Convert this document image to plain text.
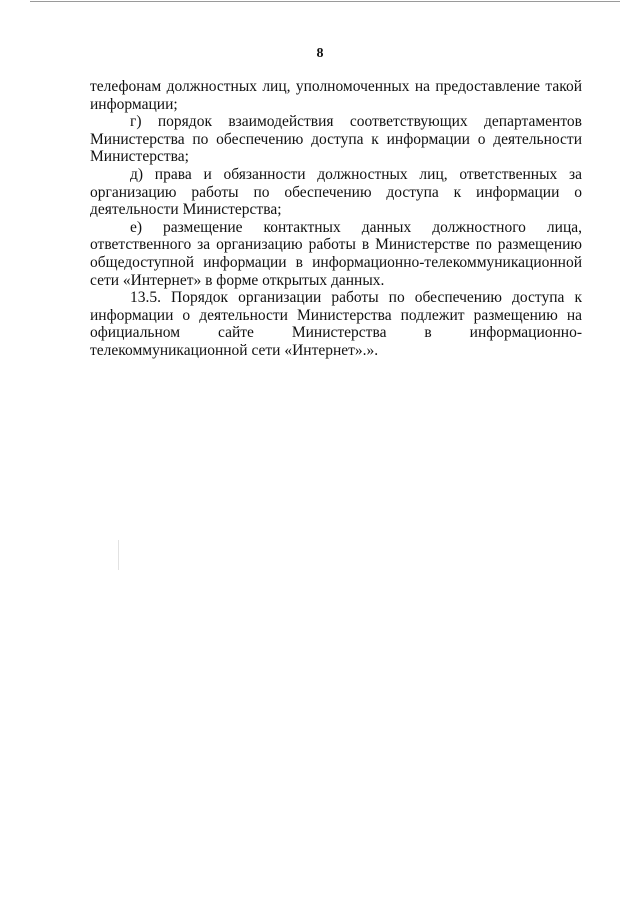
8

телефонам должностных лиц, уполномоченных на предоставление такой информации;

г) порядок взаимодействия соответствующих департаментов Министерства по обеспечению доступа к информации о деятельности Министерства;

д) права и обязанности должностных лиц, ответственных за организацию работы по обеспечению доступа к информации о деятельности Министерства;

е) размещение контактных данных должностного лица, ответственного за организацию работы в Министерстве по размещению общедоступной информации в информационно-телекоммуникационной сети «Интернет» в форме открытых данных.

13.5. Порядок организации работы по обеспечению доступа к информации о деятельности Министерства подлежит размещению на официальном сайте Министерства в информационно-телекоммуникационной сети «Интернет».».
